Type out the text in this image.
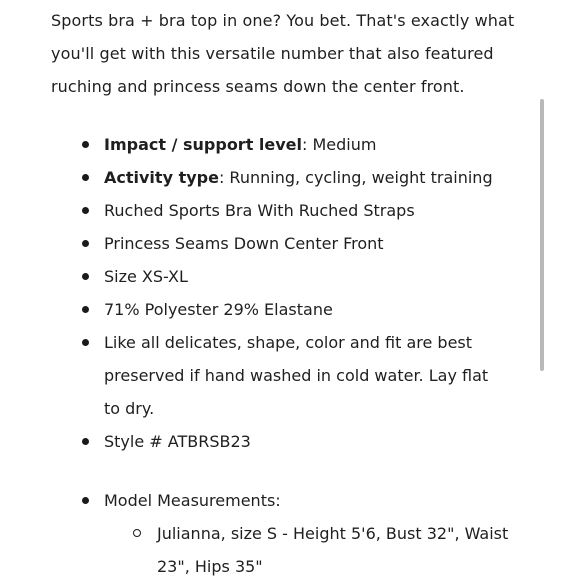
Sports bra + bra top in one? You bet. That's exactly what you'll get with this versatile number that also featured ruching and princess seams down the center front.

Impact / support level: Medium
Activity type: Running, cycling, weight training
Ruched Sports Bra With Ruched Straps
Princess Seams Down Center Front
Size XS-XL
71% Polyester 29% Elastane
Like all delicates, shape, color and fit are best preserved if hand washed in cold water. Lay flat to dry.
Style # ATBRSB23
Model Measurements:
Julianna, size S - Height 5'6, Bust 32", Waist 23", Hips 35"
